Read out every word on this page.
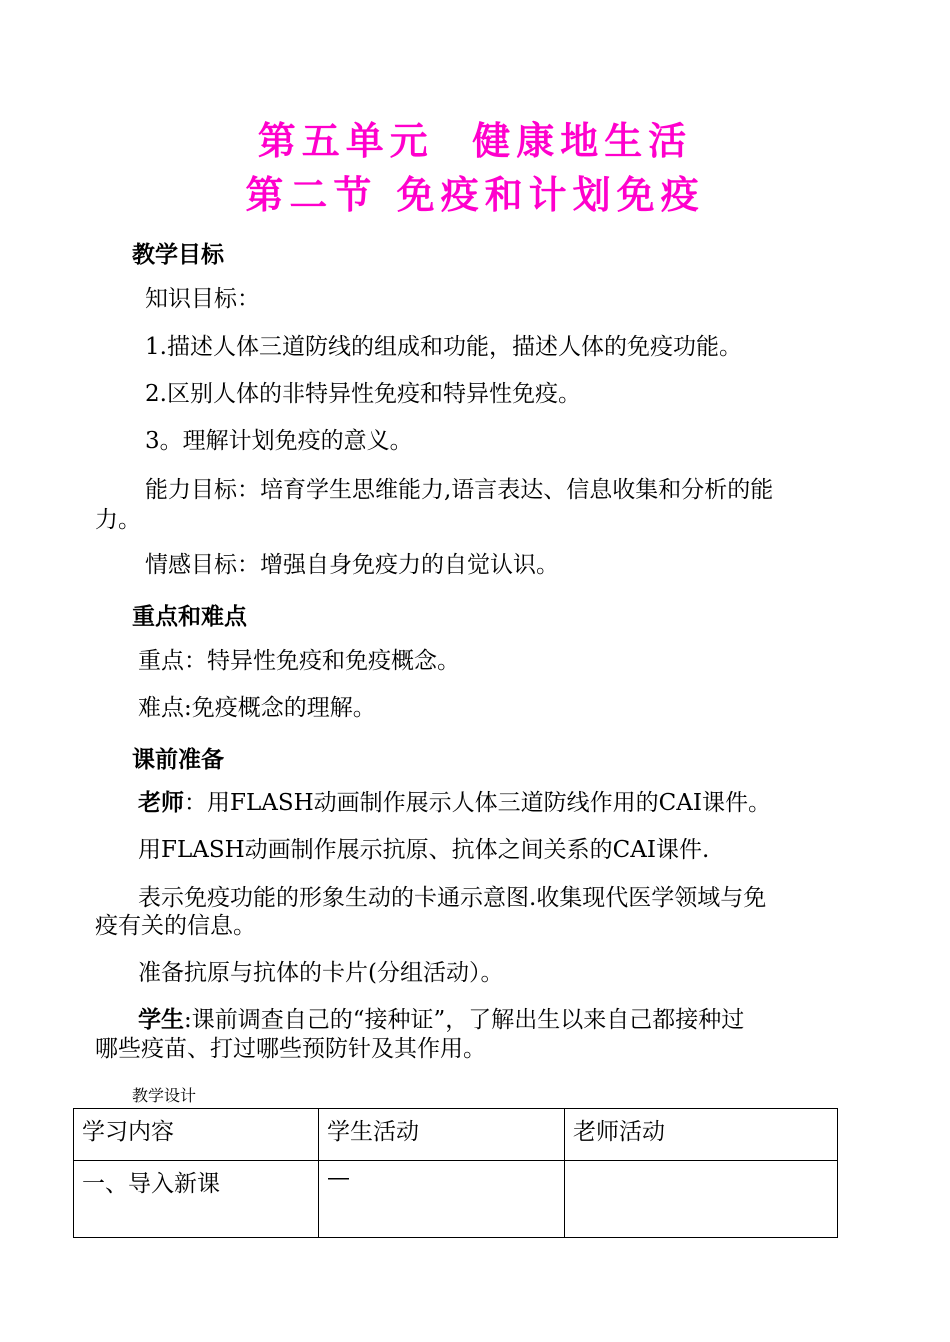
第五单元  健康地生活
第二节 免疫和计划免疫
教学目标
知识目标：
1.描述人体三道防线的组成和功能，描述人体的免疫功能。
2.区别人体的非特异性免疫和特异性免疫。
3。理解计划免疫的意义。
能力目标：培育学生思维能力,语言表达、信息收集和分析的能
力。
情感目标：增强自身免疫力的自觉认识。
重点和难点
重点：特异性免疫和免疫概念。
难点:免疫概念的理解。
课前准备
老师：用FLASH动画制作展示人体三道防线作用的CAI课件。
用FLASH动画制作展示抗原、抗体之间关系的CAI课件.
表示免疫功能的形象生动的卡通示意图.收集现代医学领域与免
疫有关的信息。
准备抗原与抗体的卡片(分组活动）。
学生:课前调查自己的“接种证”，了解出生以来自己都接种过
哪些疫苗、打过哪些预防针及其作用。
教学设计
学习内容	学生活动	老师活动
一、导入新课	—	
